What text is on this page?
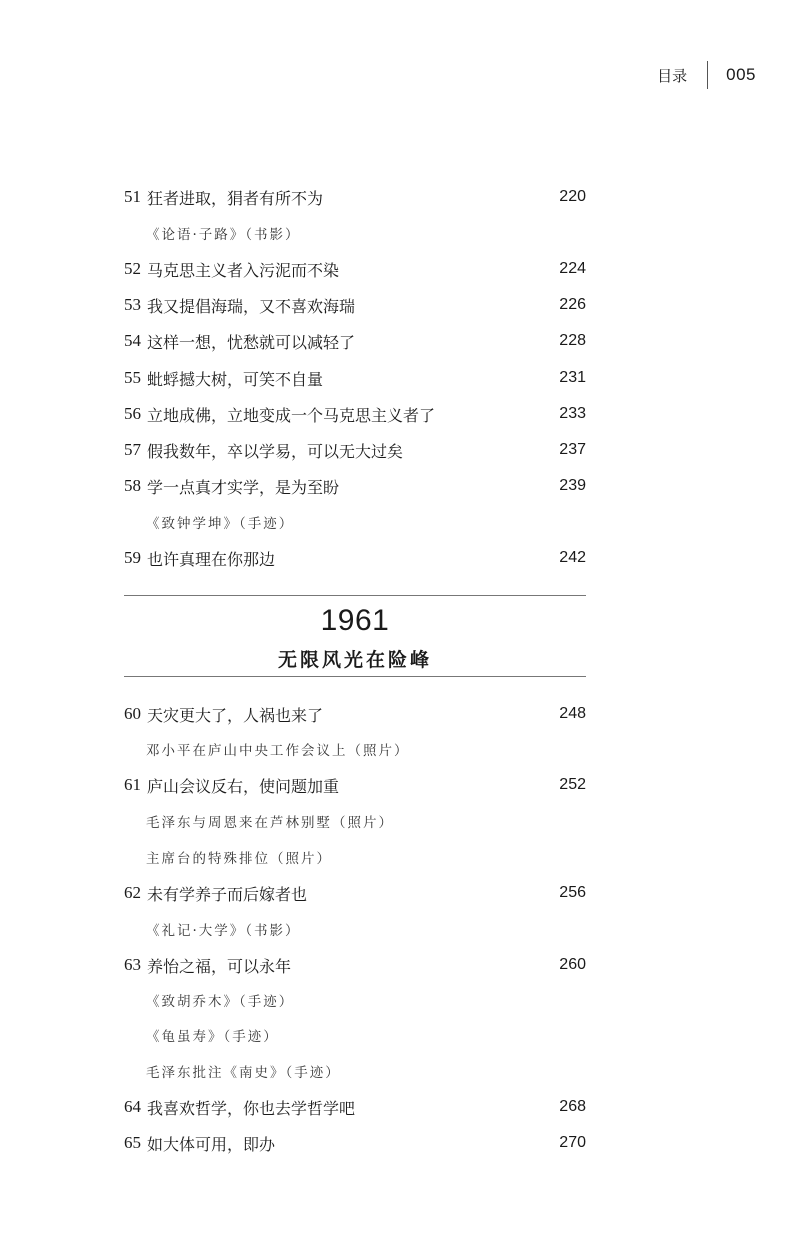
目录 005
51 狂者进取，狷者有所不为	220
《论语·子路》（书影）
52 马克思主义者入污泥而不染	224
53 我又提倡海瑞，又不喜欢海瑞	226
54 这样一想，忧愁就可以减轻了	228
55 蚍蜉撼大树，可笑不自量	231
56 立地成佛，立地变成一个马克思主义者了	233
57 假我数年，卒以学易，可以无大过矣	237
58 学一点真才实学，是为至盼	239
《致钟学坤》（手迹）
59 也许真理在你那边	242
1961
无限风光在险峰
60 天灾更大了，人祸也来了	248
邓小平在庐山中央工作会议上（照片）
61 庐山会议反右，使问题加重	252
毛泽东与周恩来在芦林别墅（照片）
主席台的特殊排位（照片）
62 未有学养子而后嫁者也	256
《礼记·大学》（书影）
63 养怡之福，可以永年	260
《致胡乔木》（手迹）
《龟虽寿》（手迹）
毛泽东批注《南史》（手迹）
64 我喜欢哲学，你也去学哲学吧	268
65 如大体可用，即办	270
